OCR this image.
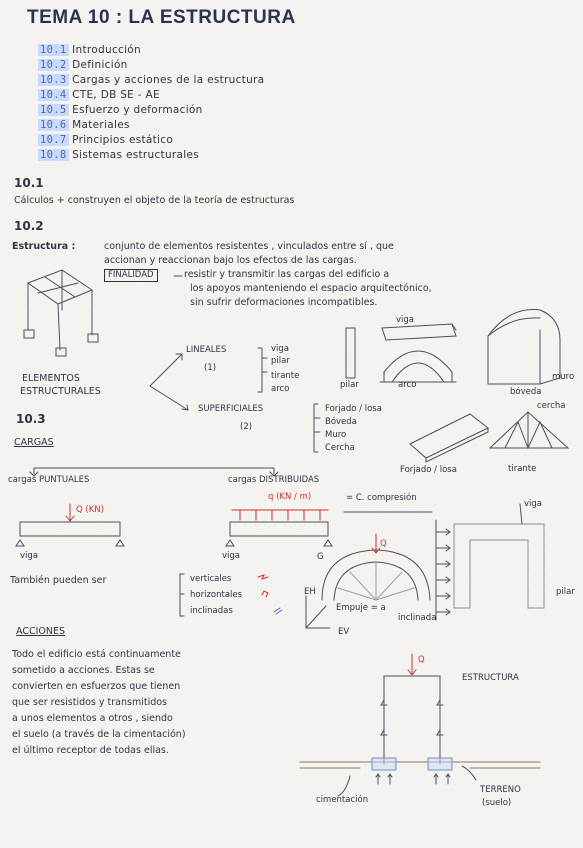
TEMA 10 : LA ESTRUCTURA
10.1 Introducción
10.2 Definición
10.3 Cargas y acciones de la estructura
10.4 CTE, DB SE - AE
10.5 Esfuerzo y deformación
10.6 Materiales
10.7 Principios estático
10.8 Sistemas estructurales
10.1
Cálculos + construyen el objeto de la teoría de estructuras
10.2
Estructura :	conjunto de elementos resistentes , vinculados entre sí , que
accionan y reaccionan bajo los efectos de las cargas.
FINALIDAD	resistir y transmitir las cargas del edificio a
los apoyos manteniendo el espacio arquitectónico,
sin sufrir deformaciones incompatibles.
viga
pilar	arco
bóveda
muro
ELEMENTOS
ESTRUCTURALES
LINEALES
(1)
viga
pilar
tirante
arco
SUPERFICIALES
(2)
Forjado / losa
Bóveda
Muro
Cercha
cercha
Forjado / losa	tirante
10.3
CARGAS
cargas PUNTUALES	cargas DISTRIBUIDAS
Q (KN)
q (KN / m)	= C. compresión
viga	viga
viga
pilar
También pueden ser	verticales
horizontales
inclinadas
G
Q
EH
EV
Empuje = a
inclinada
ACCIONES
Todo el edificio está continuamente
sometido a acciones. Estas se
convierten en esfuerzos que tienen
que ser resistidos y transmitidos
a unos elementos a otros , siendo
el suelo (a través de la cimentación)
el último receptor de todas ellas.
Q
ESTRUCTURA
TERRENO
(suelo)
cimentación
